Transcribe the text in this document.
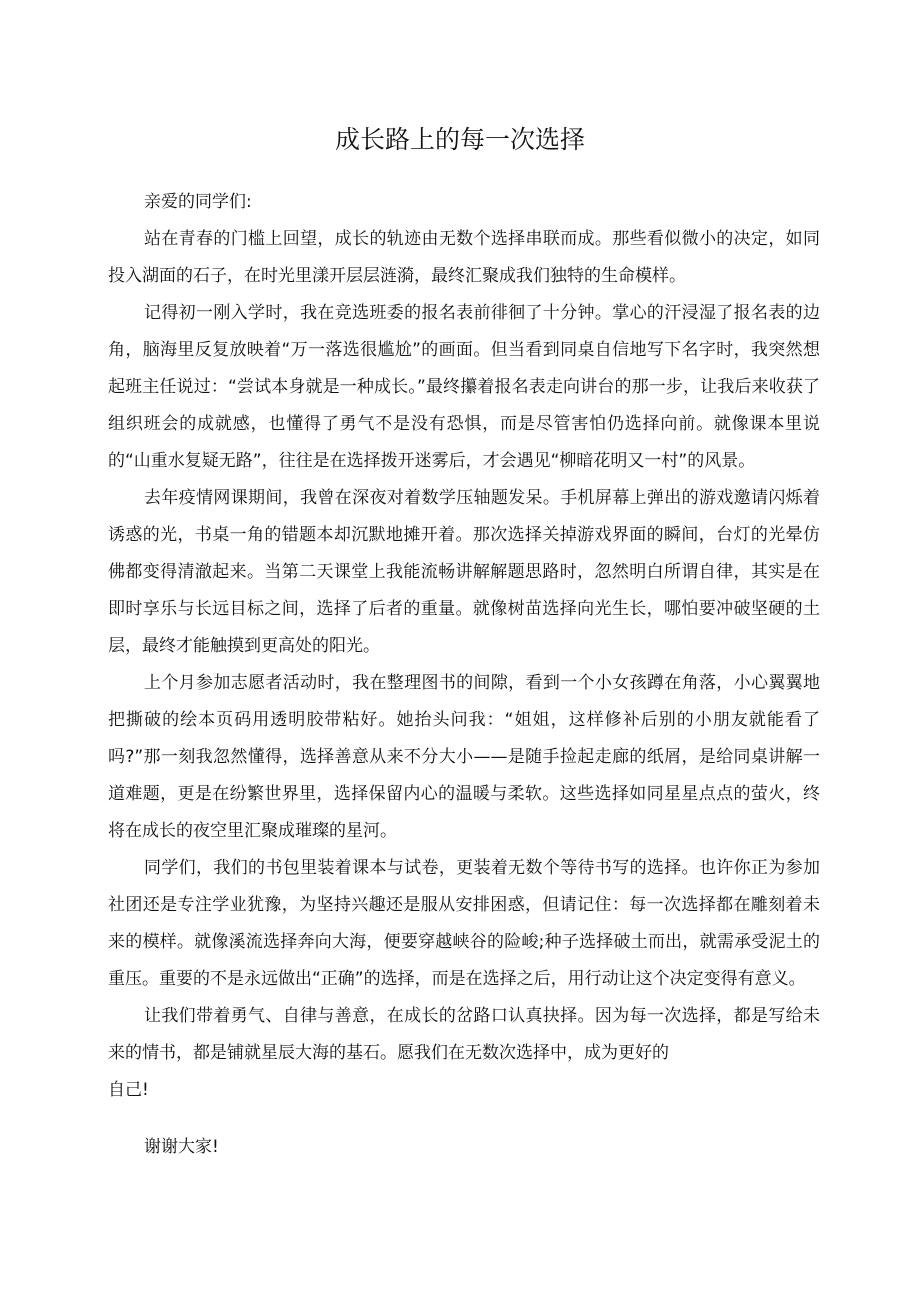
成长路上的每一次选择

亲爱的同学们:

站在青春的门槛上回望，成长的轨迹由无数个选择串联而成。那些看似微小的决定，如同投入湖面的石子，在时光里漾开层层涟漪，最终汇聚成我们独特的生命模样。

记得初一刚入学时，我在竞选班委的报名表前徘徊了十分钟。掌心的汗浸湿了报名表的边角，脑海里反复放映着“万一落选很尴尬”的画面。但当看到同桌自信地写下名字时，我突然想起班主任说过：“尝试本身就是一种成长。”最终攥着报名表走向讲台的那一步，让我后来收获了组织班会的成就感，也懂得了勇气不是没有恐惧，而是尽管害怕仍选择向前。就像课本里说的“山重水复疑无路”，往往是在选择拨开迷雾后，才会遇见“柳暗花明又一村”的风景。

去年疫情网课期间，我曾在深夜对着数学压轴题发呆。手机屏幕上弹出的游戏邀请闪烁着诱惑的光，书桌一角的错题本却沉默地摊开着。那次选择关掉游戏界面的瞬间，台灯的光晕仿佛都变得清澈起来。当第二天课堂上我能流畅讲解解题思路时，忽然明白所谓自律，其实是在即时享乐与长远目标之间，选择了后者的重量。就像树苗选择向光生长，哪怕要冲破坚硬的土层，最终才能触摸到更高处的阳光。

上个月参加志愿者活动时，我在整理图书的间隙，看到一个小女孩蹲在角落，小心翼翼地把撕破的绘本页码用透明胶带粘好。她抬头问我：“姐姐，这样修补后别的小朋友就能看了吗?”那一刻我忽然懂得，选择善意从来不分大小——是随手捡起走廊的纸屑，是给同桌讲解一道难题，更是在纷繁世界里，选择保留内心的温暖与柔软。这些选择如同星星点点的萤火，终将在成长的夜空里汇聚成璀璨的星河。

同学们，我们的书包里装着课本与试卷，更装着无数个等待书写的选择。也许你正为参加社团还是专注学业犹豫，为坚持兴趣还是服从安排困惑，但请记住：每一次选择都在雕刻着未来的模样。就像溪流选择奔向大海，便要穿越峡谷的险峻;种子选择破土而出，就需承受泥土的重压。重要的不是永远做出“正确”的选择，而是在选择之后，用行动让这个决定变得有意义。

让我们带着勇气、自律与善意，在成长的岔路口认真抉择。因为每一次选择，都是写给未来的情书，都是铺就星辰大海的基石。愿我们在无数次选择中，成为更好的

自己!

谢谢大家!
